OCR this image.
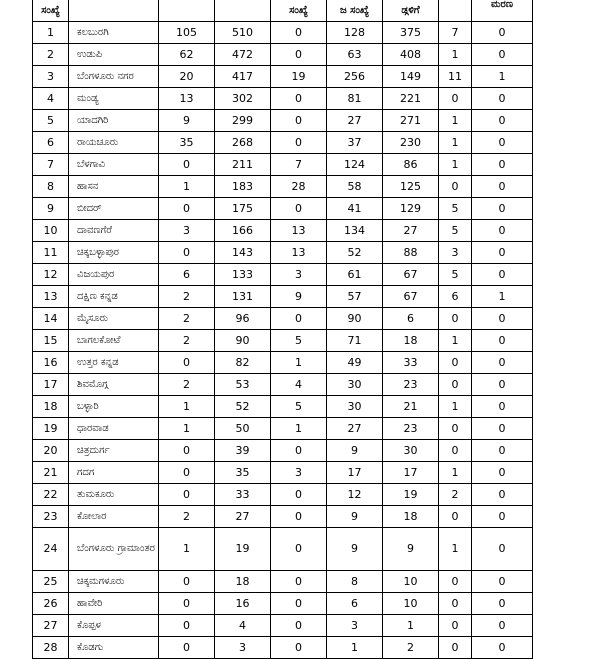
ಸಂಖ್ಯೆ				ಸಂಖ್ಯೆ	ಜ ಸಂಖ್ಯೆ	ಡ್ಗಳಿಗೆ		ಮರಣ
1	ಕಲಬುರಗಿ	105	510	0	128	375	7	0
2	ಉಡುಪಿ	62	472	0	63	408	1	0
3	ಬೆಂಗಳೂರು ನಗರ	20	417	19	256	149	11	1
4	ಮಂಡ್ಯ	13	302	0	81	221	0	0
5	ಯಾದಗಿರಿ	9	299	0	27	271	1	0
6	ರಾಯಚೂರು	35	268	0	37	230	1	0
7	ಬೆಳಗಾವಿ	0	211	7	124	86	1	0
8	ಹಾಸನ	1	183	28	58	125	0	0
9	ಬೀದರ್	0	175	0	41	129	5	0
10	ದಾವಣಗೆರೆ	3	166	13	134	27	5	0
11	ಚಿಕ್ಕಬಳ್ಳಾಪುರ	0	143	13	52	88	3	0
12	ವಿಜಯಪುರ	6	133	3	61	67	5	0
13	ದಕ್ಷಿಣ ಕನ್ನಡ	2	131	9	57	67	6	1
14	ಮೈಸೂರು	2	96	0	90	6	0	0
15	ಬಾಗಲಕೋಟೆ	2	90	5	71	18	1	0
16	ಉತ್ತರ ಕನ್ನಡ	0	82	1	49	33	0	0
17	ಶಿವಮೊಗ್ಗ	2	53	4	30	23	0	0
18	ಬಳ್ಳಾರಿ	1	52	5	30	21	1	0
19	ಧಾರವಾಡ	1	50	1	27	23	0	0
20	ಚಿತ್ರದುರ್ಗ	0	39	0	9	30	0	0
21	ಗದಗ	0	35	3	17	17	1	0
22	ತುಮಕೂರು	0	33	0	12	19	2	0
23	ಕೋಲಾರ	2	27	0	9	18	0	0
24	ಬೆಂಗಳೂರು ಗ್ರಾಮಾಂತರ	1	19	0	9	9	1	0
25	ಚಿಕ್ಕಮಗಳೂರು	0	18	0	8	10	0	0
26	ಹಾವೇರಿ	0	16	0	6	10	0	0
27	ಕೊಪ್ಪಳ	0	4	0	3	1	0	0
28	ಕೊಡಗು	0	3	0	1	2	0	0
